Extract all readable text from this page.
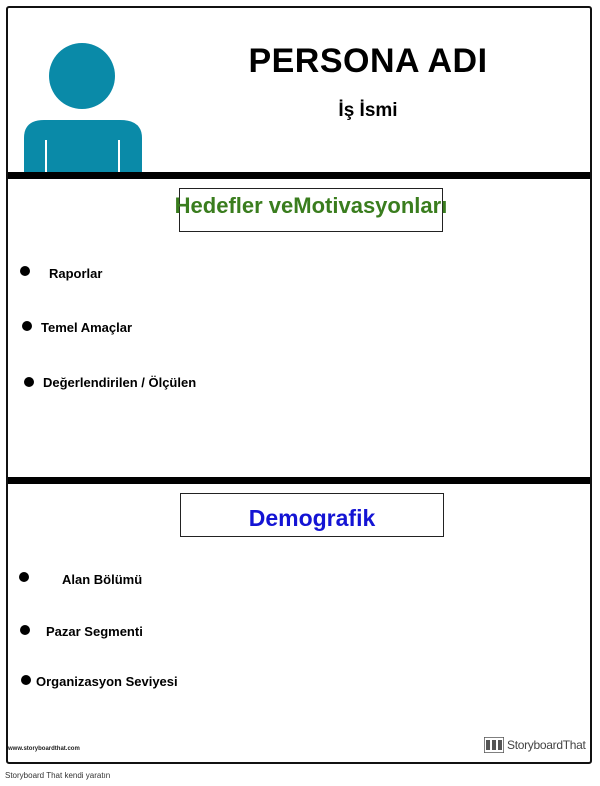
PERSONA ADI
İş İsmi
Hedefler veMotivasyonları
Raporlar
Temel Amaçlar
Değerlendirilen / Ölçülen
Demografik
Alan Bölümü
Pazar Segmenti
Organizasyon Seviyesi
www.storyboardthat.com	StoryboardThat
Storyboard That kendi yaratın
